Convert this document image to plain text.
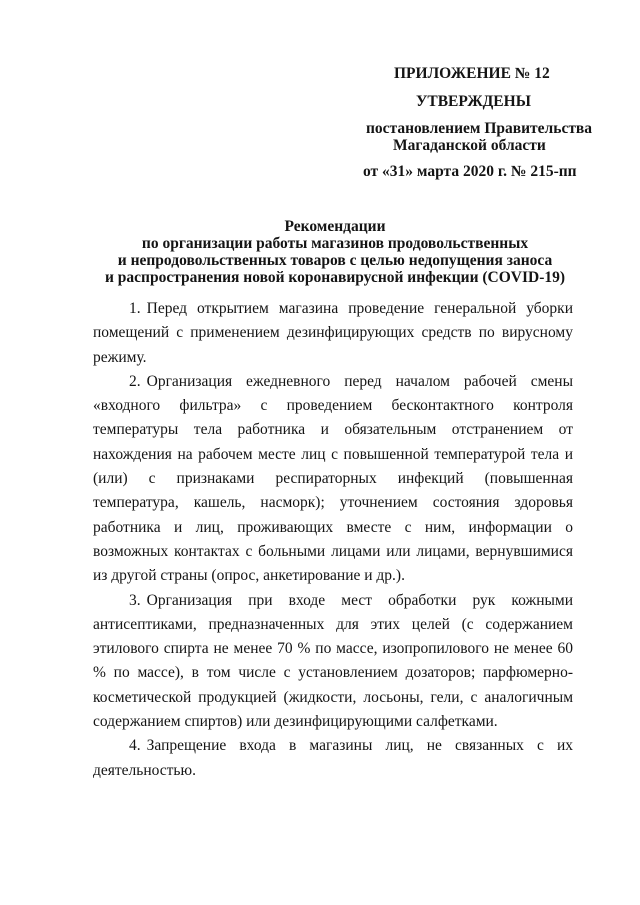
ПРИЛОЖЕНИЕ № 12
УТВЕРЖДЕНЫ
постановлением Правительства
Магаданской области
от «31» марта 2020 г. № 215-пп
Рекомендации
по организации работы магазинов продовольственных
и непродовольственных товаров с целью недопущения заноса
и распространения новой коронавирусной инфекции (COVID-19)

1. Перед открытием магазина проведение генеральной уборки помещений с применением дезинфицирующих средств по вирусному режиму.

2. Организация ежедневного перед началом рабочей смены «входного фильтра» с проведением бесконтактного контроля температуры тела работника и обязательным отстранением от нахождения на рабочем месте лиц с повышенной температурой тела и (или) с признаками респираторных инфекций (повышенная температура, кашель, насморк); уточнением состояния здоровья работника и лиц, проживающих вместе с ним, информации о возможных контактах с больными лицами или лицами, вернувшимися из другой страны (опрос, анкетирование и др.).

3. Организация при входе мест обработки рук кожными антисептиками, предназначенных для этих целей (с содержанием этилового спирта не менее 70 % по массе, изопропилового не менее 60 % по массе), в том числе с установлением дозаторов; парфюмерно-косметической продукцией (жидкости, лосьоны, гели, с аналогичным содержанием спиртов) или дезинфицирующими салфетками.

4. Запрещение входа в магазины лиц, не связанных с их деятельностью.
